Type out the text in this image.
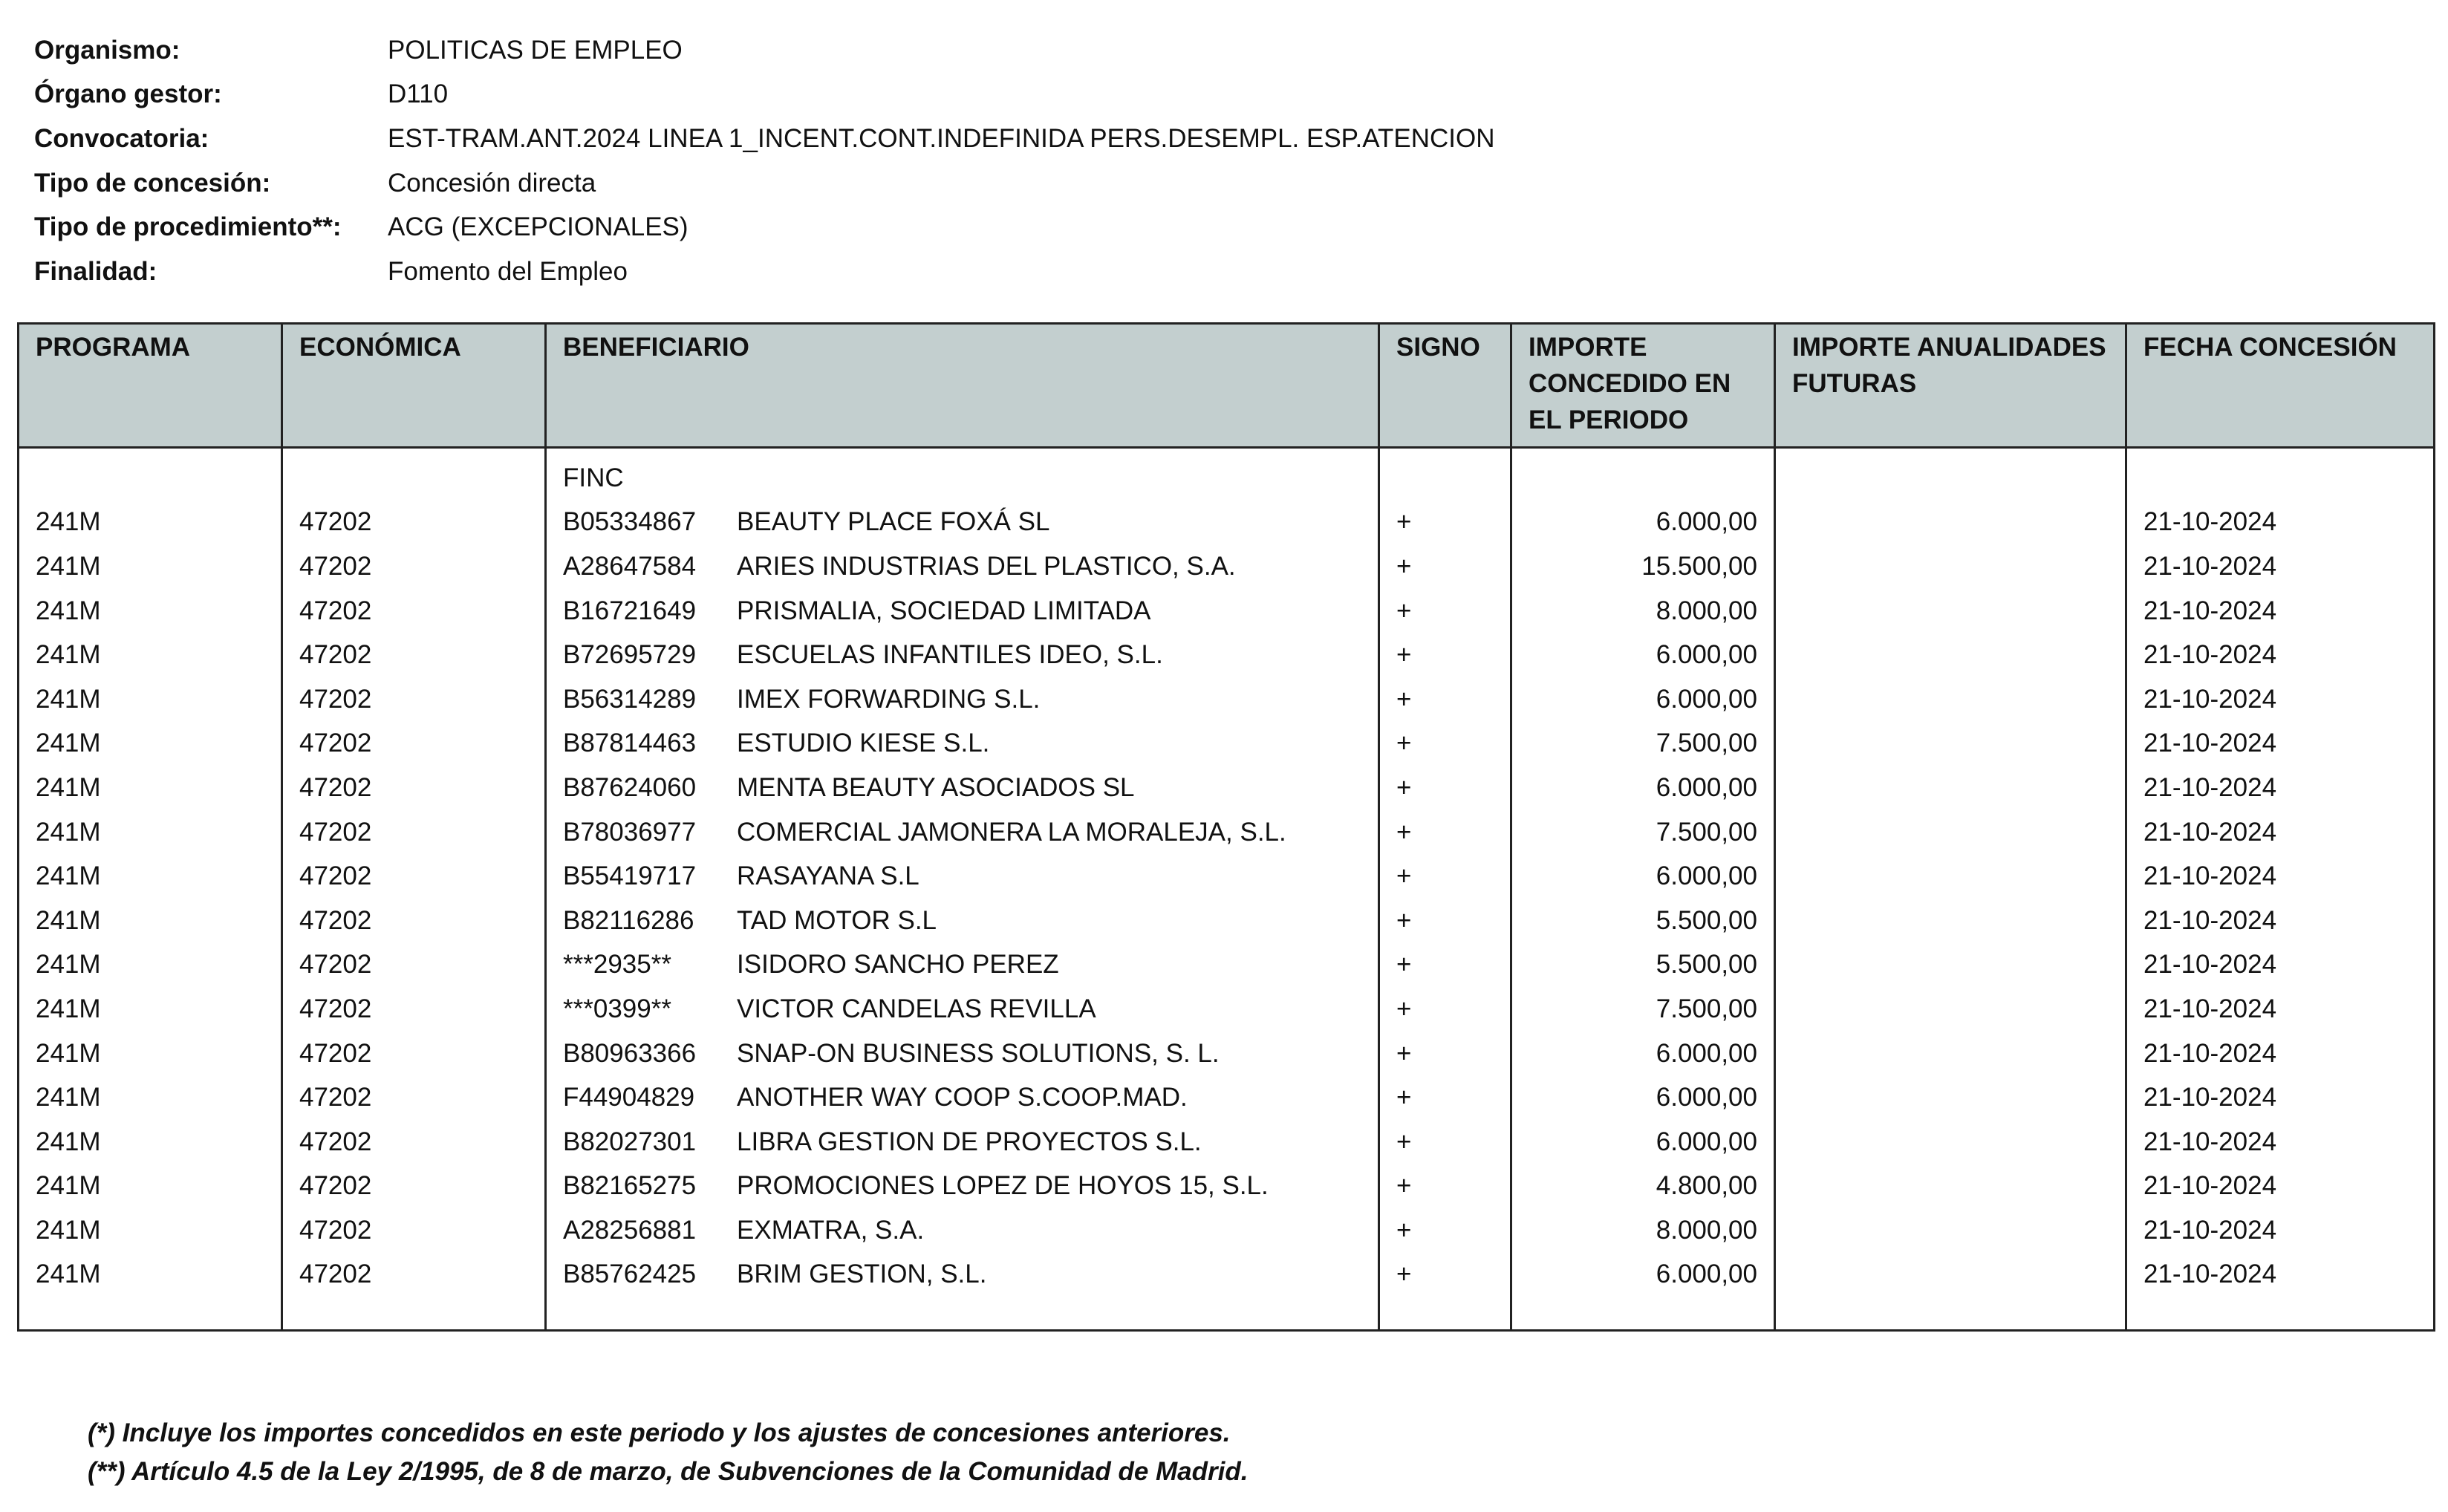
Organismo:	POLITICAS DE EMPLEO
Órgano gestor:	D110
Convocatoria:	EST-TRAM.ANT.2024 LINEA 1_INCENT.CONT.INDEFINIDA PERS.DESEMPL. ESP.ATENCION
Tipo de concesión:	Concesión directa
Tipo de procedimiento**:	ACG (EXCEPCIONALES)
Finalidad:	Fomento del Empleo
PROGRAMA	ECONÓMICA	BENEFICIARIO	SIGNO	IMPORTE CONCEDIDO EN EL PERIODO	IMPORTE ANUALIDADES FUTURAS	FECHA CONCESIÓN
		FINC				
241M	47202	B05334867 BEAUTY PLACE FOXÁ SL	+	6.000,00		21-10-2024
241M	47202	A28647584 ARIES INDUSTRIAS DEL PLASTICO, S.A.	+	15.500,00		21-10-2024
241M	47202	B16721649 PRISMALIA, SOCIEDAD LIMITADA	+	8.000,00		21-10-2024
241M	47202	B72695729 ESCUELAS INFANTILES IDEO, S.L.	+	6.000,00		21-10-2024
241M	47202	B56314289 IMEX FORWARDING S.L.	+	6.000,00		21-10-2024
241M	47202	B87814463 ESTUDIO KIESE S.L.	+	7.500,00		21-10-2024
241M	47202	B87624060 MENTA BEAUTY ASOCIADOS SL	+	6.000,00		21-10-2024
241M	47202	B78036977 COMERCIAL JAMONERA LA MORALEJA, S.L.	+	7.500,00		21-10-2024
241M	47202	B55419717 RASAYANA S.L	+	6.000,00		21-10-2024
241M	47202	B82116286 TAD MOTOR S.L	+	5.500,00		21-10-2024
241M	47202	***2935** ISIDORO SANCHO PEREZ	+	5.500,00		21-10-2024
241M	47202	***0399** VICTOR CANDELAS REVILLA	+	7.500,00		21-10-2024
241M	47202	B80963366 SNAP-ON BUSINESS SOLUTIONS, S. L.	+	6.000,00		21-10-2024
241M	47202	F44904829 ANOTHER WAY COOP S.COOP.MAD.	+	6.000,00		21-10-2024
241M	47202	B82027301 LIBRA GESTION DE PROYECTOS S.L.	+	6.000,00		21-10-2024
241M	47202	B82165275 PROMOCIONES LOPEZ DE HOYOS 15, S.L.	+	4.800,00		21-10-2024
241M	47202	A28256881 EXMATRA, S.A.	+	8.000,00		21-10-2024
241M	47202	B85762425 BRIM GESTION, S.L.	+	6.000,00		21-10-2024

(*) Incluye los importes concedidos en este periodo y los ajustes de concesiones anteriores.
(**) Artículo 4.5 de la Ley 2/1995, de 8 de marzo, de Subvenciones de la Comunidad de Madrid.
